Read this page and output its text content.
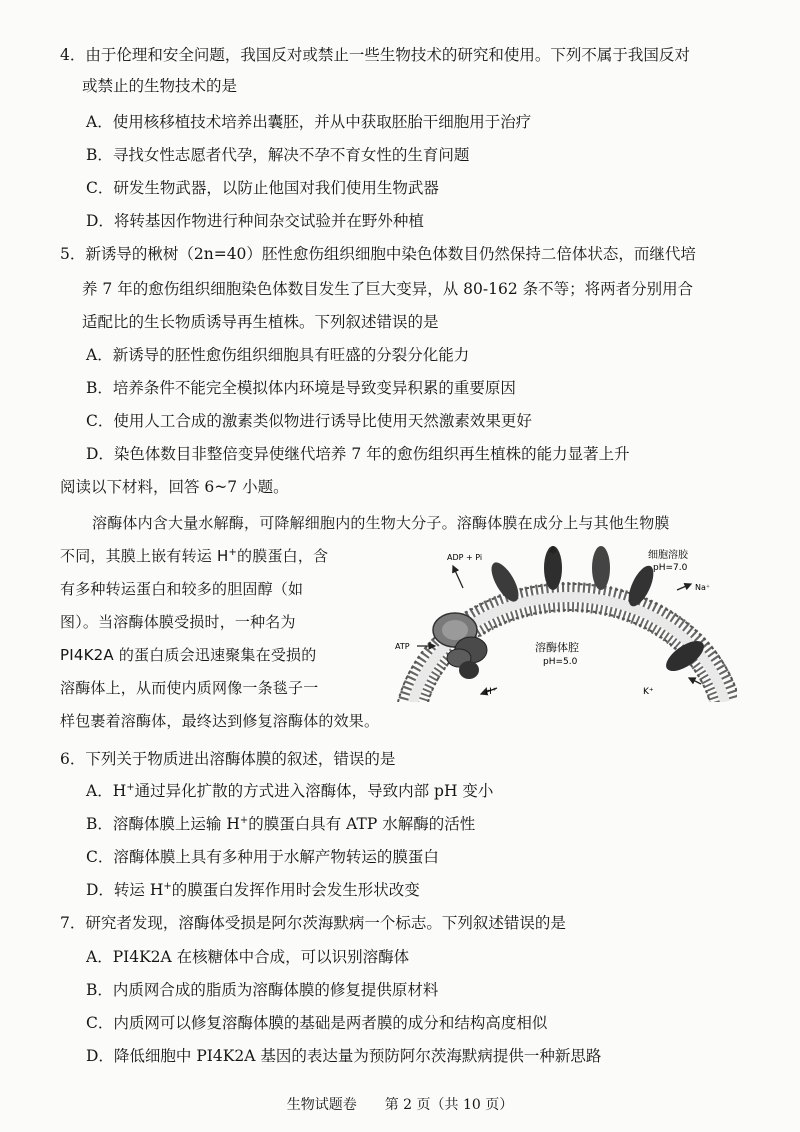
4．由于伦理和安全问题，我国反对或禁止一些生物技术的研究和使用。下列不属于我国反对
或禁止的生物技术的是
A．使用核移植技术培养出囊胚，并从中获取胚胎干细胞用于治疗
B．寻找女性志愿者代孕，解决不孕不育女性的生育问题
C．研发生物武器，以防止他国对我们使用生物武器
D．将转基因作物进行种间杂交试验并在野外种植
5．新诱导的楸树（2n=40）胚性愈伤组织细胞中染色体数目仍然保持二倍体状态，而继代培
养 7 年的愈伤组织细胞染色体数目发生了巨大变异，从 80-162 条不等；将两者分别用合
适配比的生长物质诱导再生植株。下列叙述错误的是
A．新诱导的胚性愈伤组织细胞具有旺盛的分裂分化能力
B．培养条件不能完全模拟体内环境是导致变异积累的重要原因
C．使用人工合成的激素类似物进行诱导比使用天然激素效果更好
D．染色体数目非整倍变异使继代培养 7 年的愈伤组织再生植株的能力显著上升
阅读以下材料，回答 6~7 小题。
溶酶体内含大量水解酶，可降解细胞内的生物大分子。溶酶体膜在成分上与其他生物膜
不同，其膜上嵌有转运 H+的膜蛋白，含
有多种转运蛋白和较多的胆固醇（如
图）。当溶酶体膜受损时，一种名为
PI4K2A 的蛋白质会迅速聚集在受损的
溶酶体上，从而使内质网像一条毯子一
样包裹着溶酶体，最终达到修复溶酶体的效果。
ADP + Pi
ATP
H⁺
Na⁺
K⁺
细胞溶胶
pH=7.0
溶酶体腔
pH=5.0
6．下列关于物质进出溶酶体膜的叙述，错误的是
A．H+通过异化扩散的方式进入溶酶体，导致内部 pH 变小
B．溶酶体膜上运输 H+的膜蛋白具有 ATP 水解酶的活性
C．溶酶体膜上具有多种用于水解产物转运的膜蛋白
D．转运 H+的膜蛋白发挥作用时会发生形状改变
7．研究者发现，溶酶体受损是阿尔茨海默病一个标志。下列叙述错误的是
A．PI4K2A 在核糖体中合成，可以识别溶酶体
B．内质网合成的脂质为溶酶体膜的修复提供原材料
C．内质网可以修复溶酶体膜的基础是两者膜的成分和结构高度相似
D．降低细胞中 PI4K2A 基因的表达量为预防阿尔茨海默病提供一种新思路
生物试题卷 第 2 页（共 10 页）
